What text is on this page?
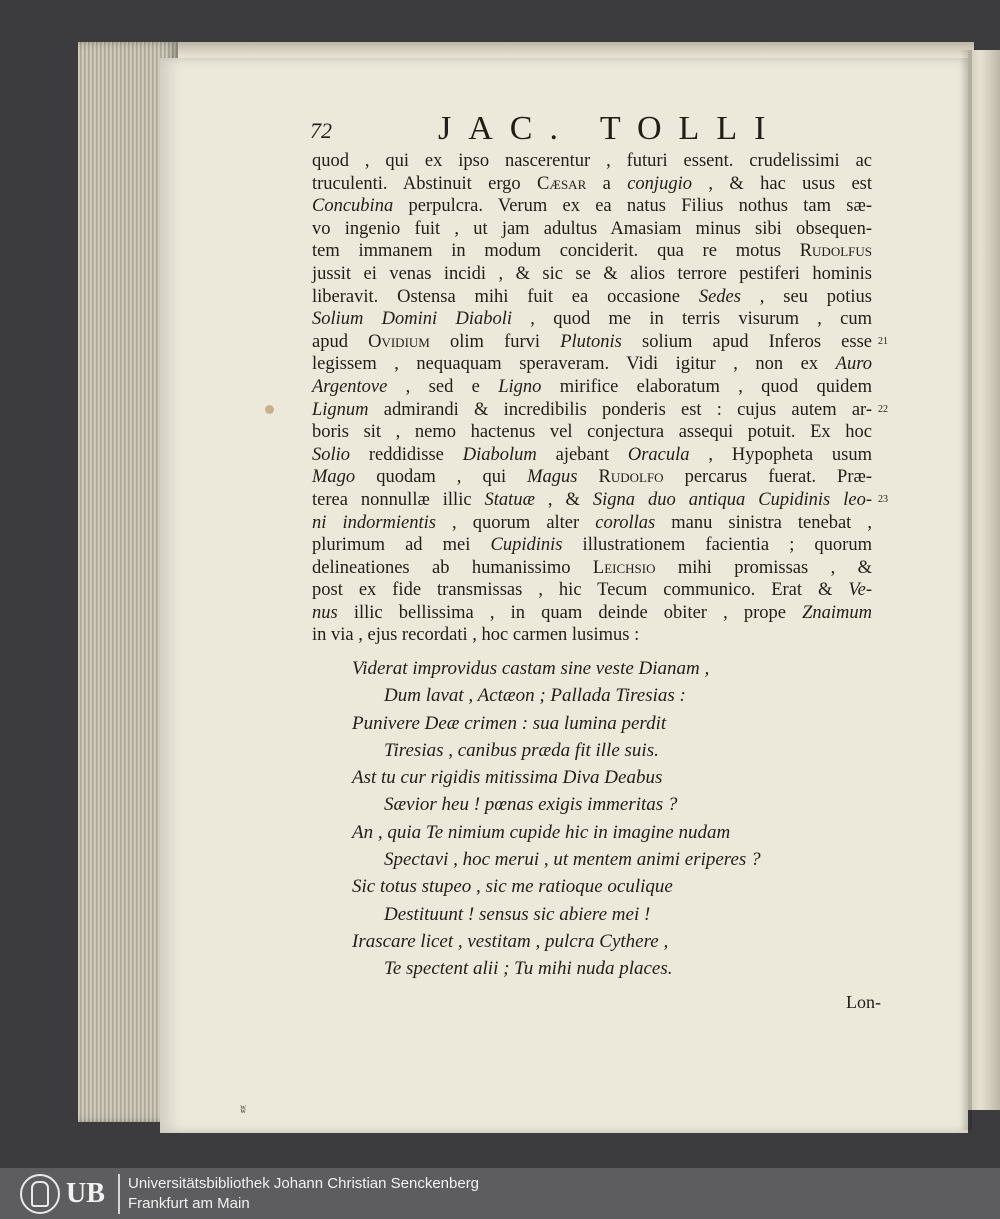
72	JAC. TOLLI
quod , qui ex ipso nascerentur , futuri essent. crudelissimi ac
truculenti. Abstinuit ergo Cæsar a conjugio , & hac usus est
Concubina perpulcra. Verum ex ea natus Filius nothus tam sæ-
vo ingenio fuit , ut jam adultus Amasiam minus sibi obsequen-
tem immanem in modum conciderit. qua re motus Rudolfus
jussit ei venas incidi , & sic se & alios terrore pestiferi hominis
liberavit. Ostensa mihi fuit ea occasione Sedes , seu potius
Solium Domini Diaboli , quod me in terris visurum , cum
apud Ovidium olim furvi Plutonis solium apud Inferos esse
legissem , nequaquam speraveram. Vidi igitur , non ex Auro
Argentove , sed e Ligno mirifice elaboratum , quod quidem
Lignum admirandi & incredibilis ponderis est : cujus autem ar-
boris sit , nemo hactenus vel conjectura assequi potuit. Ex hoc
Solio reddidisse Diabolum ajebant Oracula , Hypopheta usum
Mago quodam , qui Magus Rudolfo percarus fuerat. Præ-
terea nonnullæ illic Statuæ , & Signa duo antiqua Cupidinis leo-
ni indormientis , quorum alter corollas manu sinistra tenebat ,
plurimum ad mei Cupidinis illustrationem facientia ; quorum
delineationes ab humanissimo Leichsio mihi promissas , &
post ex fide transmissas , hic Tecum communico. Erat & Ve-
nus illic bellissima , in quam deinde obiter , prope Znaimum
in via , ejus recordati , hoc carmen lusimus :
21
22
23
Viderat improvidus castam sine veste Dianam ,
Dum lavat , Actæon ; Pallada Tiresias :
Punivere Deæ crimen : sua lumina perdit
Tiresias , canibus præda fit ille suis.
Ast tu cur rigidis mitissima Diva Deabus
Sævior heu ! pœnas exigis immeritas ?
An , quia Te nimium cupide hic in imagine nudam
Spectavi , hoc merui , ut mentem animi eriperes ?
Sic totus stupeo , sic me ratioque oculique
Destituunt ! sensus sic abiere mei !
Irascare licet , vestitam , pulcra Cythere ,
Te spectent alii ; Tu mihi nuda places.
Lon-
ʬ
UB Universitätsbibliothek Johann Christian Senckenberg
Frankfurt am Main
